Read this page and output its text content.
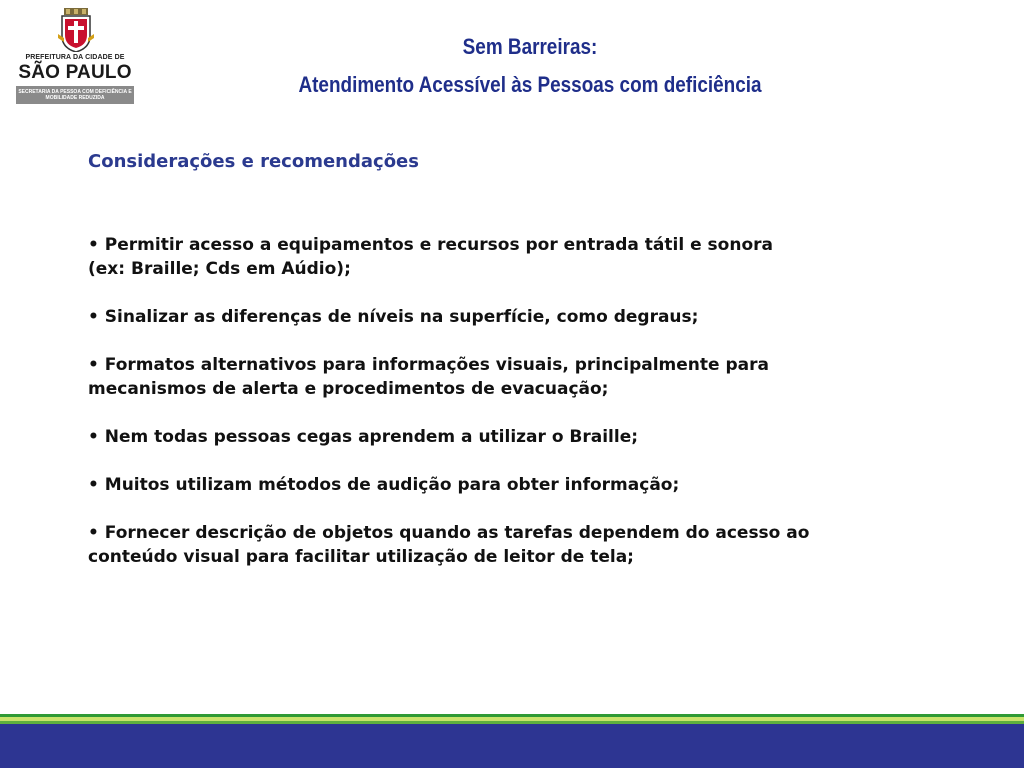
PREFEITURA DA CIDADE DE
SÃO PAULO
SECRETARIA DA PESSOA COM DEFICIÊNCIA E MOBILIDADE REDUZIDA
Sem Barreiras:
Atendimento Acessível às Pessoas com deficiência
Considerações e recomendações
• Permitir acesso a equipamentos e recursos por entrada tátil e sonora
(ex: Braille; Cds em Aúdio);
• Sinalizar as diferenças de níveis na superfície, como degraus;
• Formatos alternativos para informações visuais, principalmente para
mecanismos de alerta e procedimentos de evacuação;
• Nem todas pessoas cegas aprendem a utilizar o Braille;
• Muitos utilizam métodos de audição para obter informação;
• Fornecer descrição de objetos quando as tarefas dependem do acesso ao
conteúdo visual para facilitar utilização de leitor de tela;
